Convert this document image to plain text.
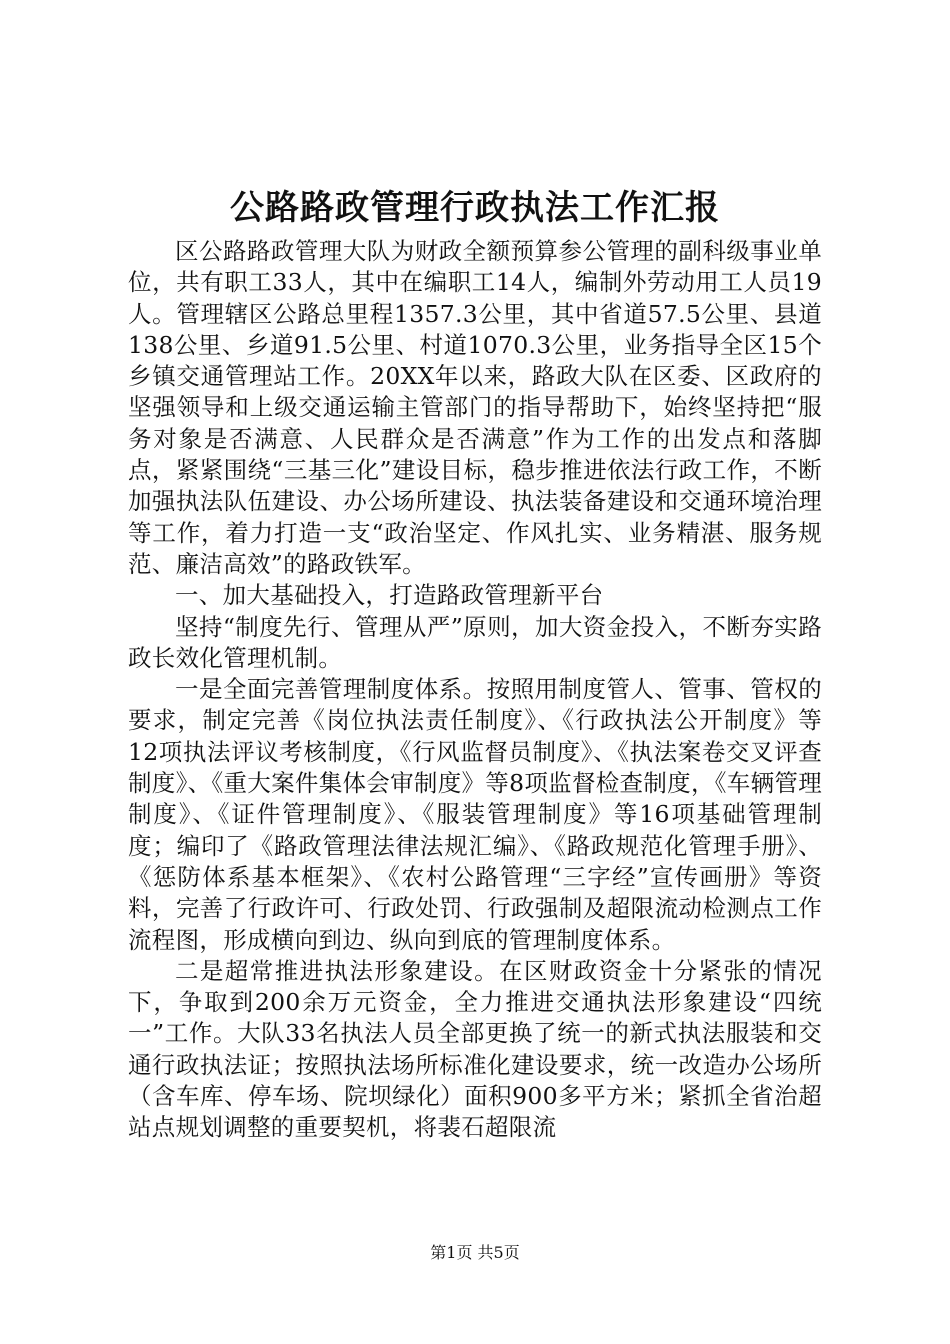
公路路政管理行政执法工作汇报

区公路路政管理大队为财政全额预算参公管理的副科级事业单位，共有职工33人，其中在编职工14人，编制外劳动用工人员19人。管理辖区公路总里程1357.3公里，其中省道57.5公里、县道138公里、乡道91.5公里、村道1070.3公里，业务指导全区15个乡镇交通管理站工作。20XX年以来，路政大队在区委、区政府的坚强领导和上级交通运输主管部门的指导帮助下，始终坚持把“服务对象是否满意、人民群众是否满意”作为工作的出发点和落脚点，紧紧围绕“三基三化”建设目标，稳步推进依法行政工作，不断加强执法队伍建设、办公场所建设、执法装备建设和交通环境治理等工作，着力打造一支“政治坚定、作风扎实、业务精湛、服务规范、廉洁高效”的路政铁军。

一、加大基础投入，打造路政管理新平台

坚持“制度先行、管理从严”原则，加大资金投入，不断夯实路政长效化管理机制。

一是全面完善管理制度体系。按照用制度管人、管事、管权的要求，制定完善《岗位执法责任制度》、《行政执法公开制度》等12项执法评议考核制度，《行风监督员制度》、《执法案卷交叉评查制度》、《重大案件集体会审制度》等8项监督检查制度，《车辆管理制度》、《证件管理制度》、《服装管理制度》等16项基础管理制度；编印了《路政管理法律法规汇编》、《路政规范化管理手册》、《惩防体系基本框架》、《农村公路管理“三字经”宣传画册》等资料，完善了行政许可、行政处罚、行政强制及超限流动检测点工作流程图，形成横向到边、纵向到底的管理制度体系。

二是超常推进执法形象建设。在区财政资金十分紧张的情况下，争取到200余万元资金，全力推进交通执法形象建设“四统一”工作。大队33名执法人员全部更换了统一的新式执法服装和交通行政执法证；按照执法场所标准化建设要求，统一改造办公场所（含车库、停车场、院坝绿化）面积900多平方米；紧抓全省治超站点规划调整的重要契机，将裴石超限流

第1页 共5页
